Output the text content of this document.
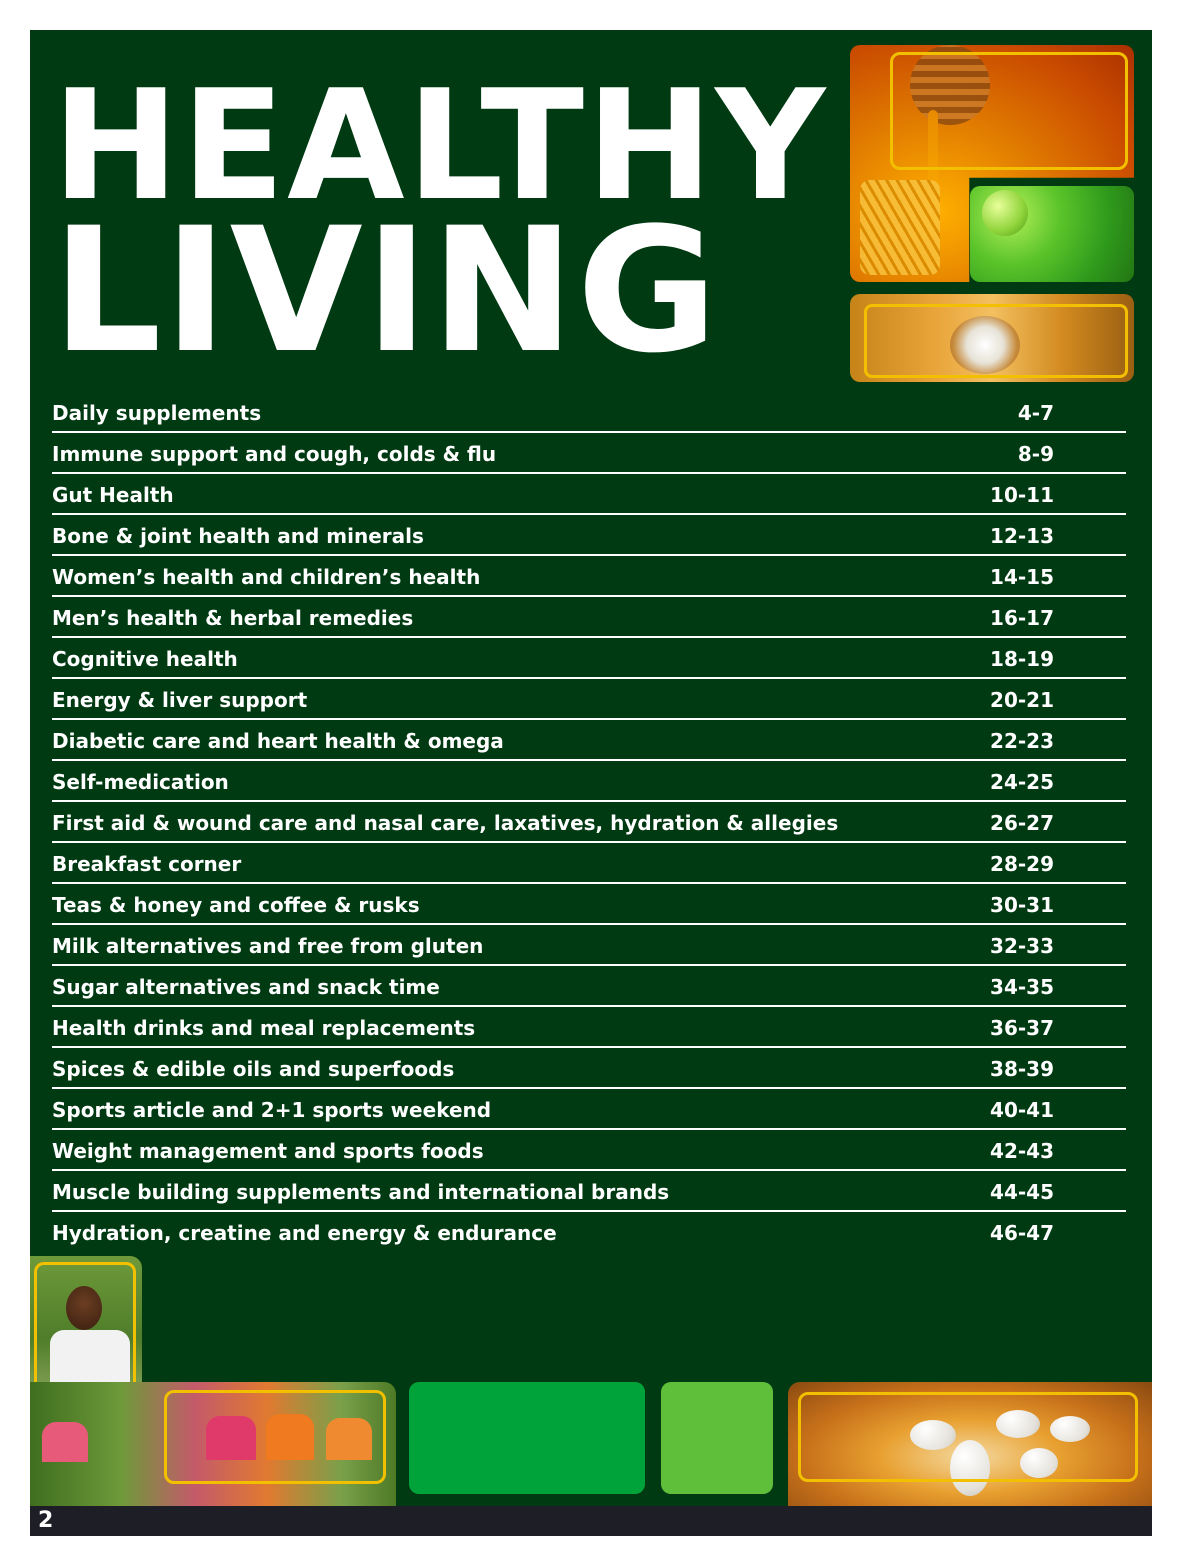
HEALTHY
LIVING
Daily supplements	4-7
Immune support and cough, colds & flu	8-9
Gut Health	10-11
Bone & joint health and minerals	12-13
Women’s health and children’s health	14-15
Men’s health & herbal remedies	16-17
Cognitive health	18-19
Energy & liver support	20-21
Diabetic care and heart health & omega	22-23
Self-medication	24-25
First aid & wound care and nasal care, laxatives, hydration & allegies	26-27
Breakfast corner	28-29
Teas & honey and coffee & rusks	30-31
Milk alternatives and free from gluten	32-33
Sugar alternatives and snack time	34-35
Health drinks and meal replacements	36-37
Spices & edible oils and superfoods	38-39
Sports article and 2+1 sports weekend	40-41
Weight management and sports foods	42-43
Muscle building supplements and international brands	44-45
Hydration, creatine and energy & endurance	46-47
2
